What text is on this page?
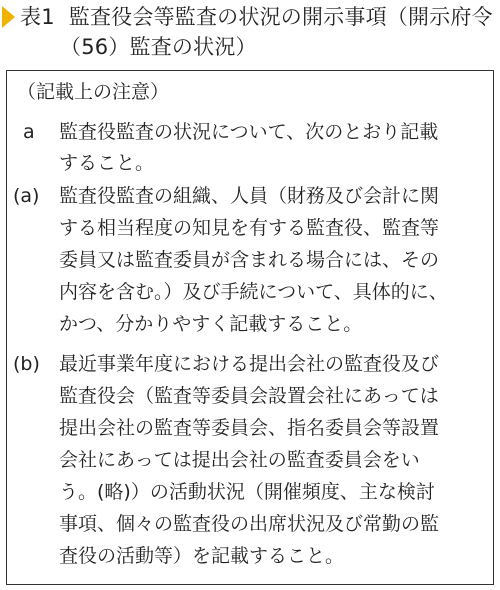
表1 監査役会等監査の状況の開示事項（開示府令
（56）監査の状況）
（記載上の注意）
a 監査役監査の状況について、次のとおり記載
すること。
(a) 監査役監査の組織、人員（財務及び会計に関
する相当程度の知見を有する監査役、監査等
委員又は監査委員が含まれる場合には、その
内容を含む。）及び手続について、具体的に、
かつ、分かりやすく記載すること。
(b) 最近事業年度における提出会社の監査役及び
監査役会（監査等委員会設置会社にあっては
提出会社の監査等委員会、指名委員会等設置
会社にあっては提出会社の監査委員会をい
う。(略)）の活動状況（開催頻度、主な検討
事項、個々の監査役の出席状況及び常勤の監
査役の活動等）を記載すること。
